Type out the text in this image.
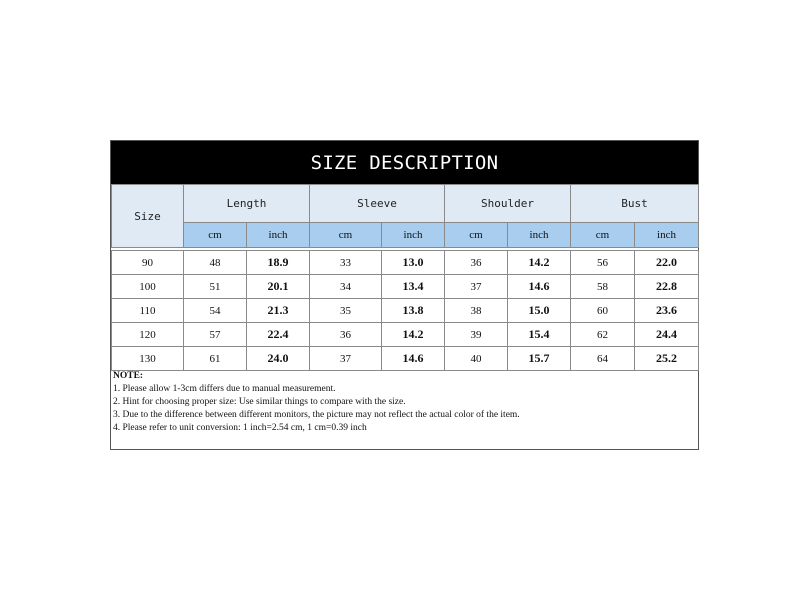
SIZE DESCRIPTION
Size	Length		Sleeve		Shoulder		Bust	
	cm	inch	cm	inch	cm	inch	cm	inch

90	48	18.9	33	13.0	36	14.2	56	22.0
100	51	20.1	34	13.4	37	14.6	58	22.8
110	54	21.3	35	13.8	38	15.0	60	23.6
120	57	22.4	36	14.2	39	15.4	62	24.4
130	61	24.0	37	14.6	40	15.7	64	25.2
NOTE:
1. Please allow 1-3cm differs due to manual measurement.
2. Hint for choosing proper size: Use similar things to compare with the size.
3. Due to the difference between different monitors, the picture may not reflect the actual color of the item.
4. Please refer to unit conversion: 1 inch=2.54 cm, 1 cm=0.39 inch
